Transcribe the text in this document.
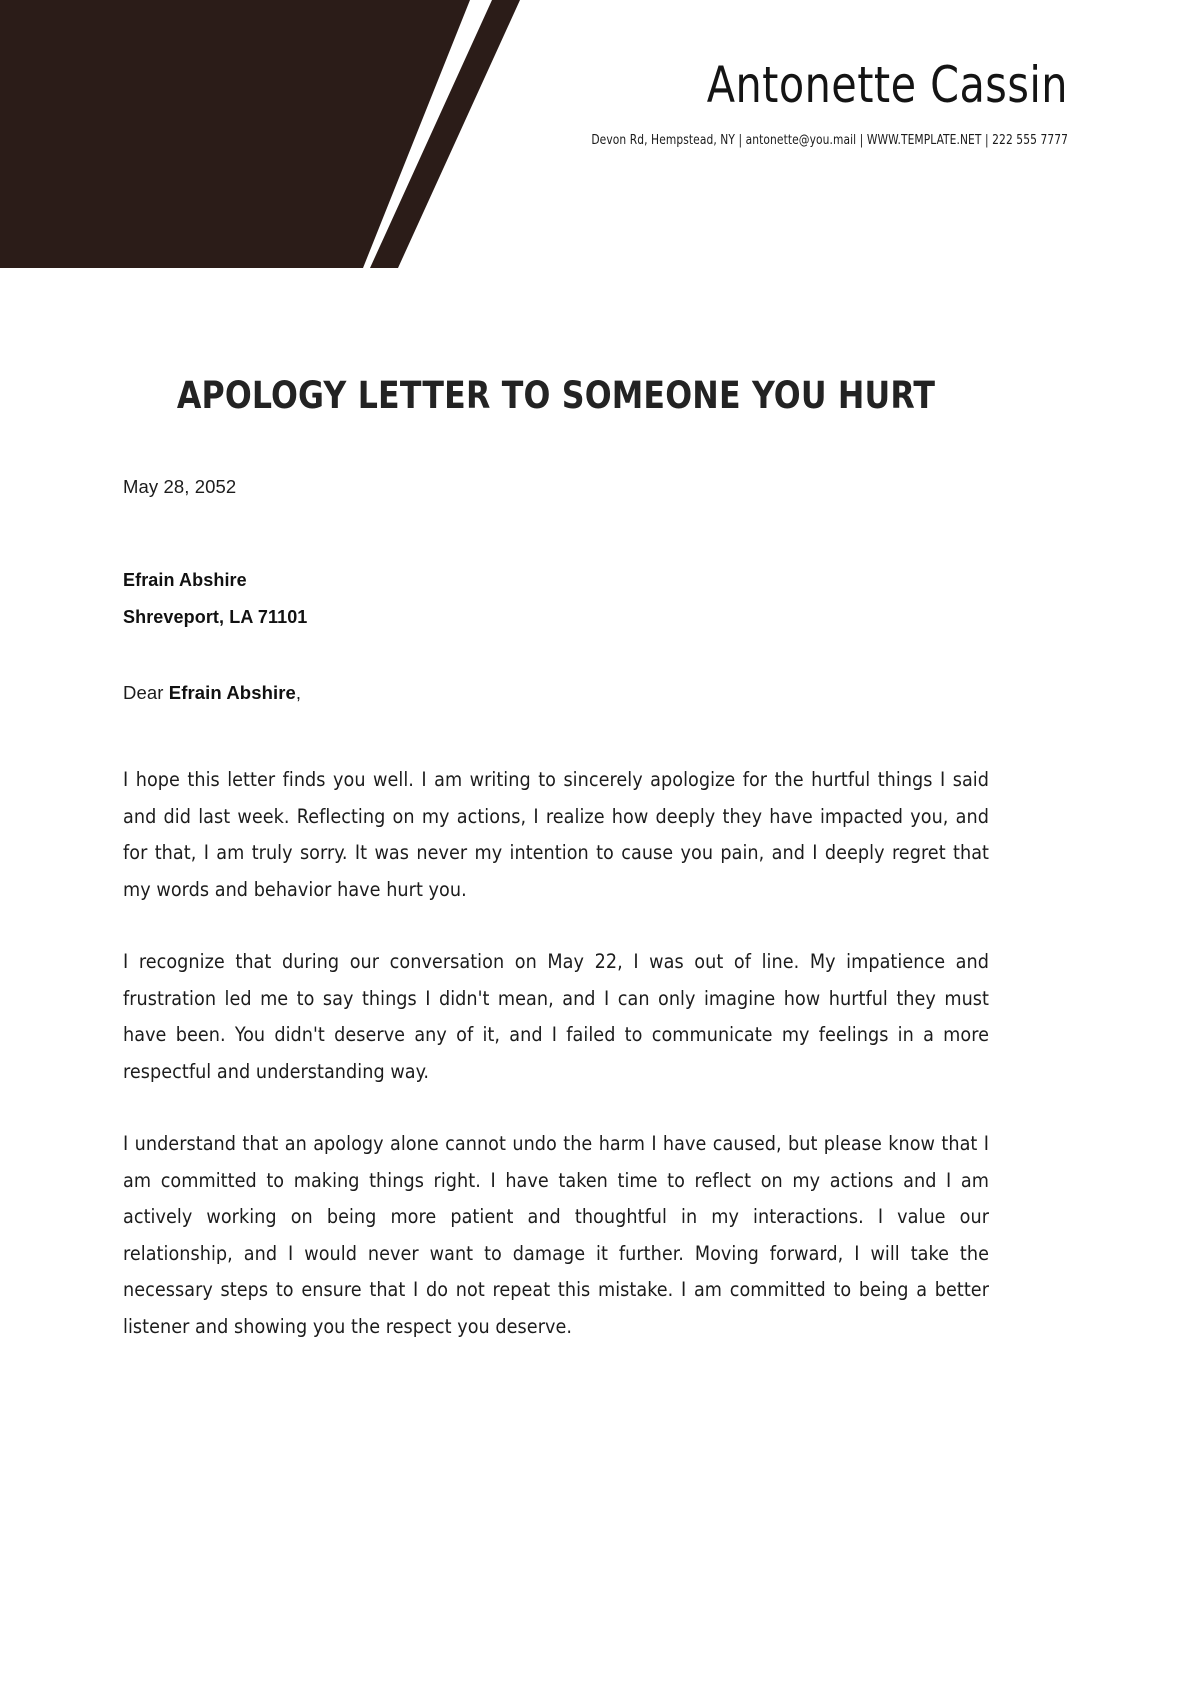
Antonette Cassin
Devon Rd, Hempstead, NY | antonette@you.mail | WWW.TEMPLATE.NET | 222 555 7777
APOLOGY LETTER TO SOMEONE YOU HURT
May 28, 2052
Efrain Abshire
Shreveport, LA 71101
Dear Efrain Abshire,

I hope this letter finds you well. I am writing to sincerely apologize for the hurtful things I said and did last week. Reflecting on my actions, I realize how deeply they have impacted you, and for that, I am truly sorry. It was never my intention to cause you pain, and I deeply regret that my words and behavior have hurt you.

I recognize that during our conversation on May 22, I was out of line. My impatience and frustration led me to say things I didn't mean, and I can only imagine how hurtful they must have been. You didn't deserve any of it, and I failed to communicate my feelings in a more respectful and understanding way.

I understand that an apology alone cannot undo the harm I have caused, but please know that I am committed to making things right. I have taken time to reflect on my actions and I am actively working on being more patient and thoughtful in my interactions. I value our relationship, and I would never want to damage it further. Moving forward, I will take the necessary steps to ensure that I do not repeat this mistake. I am committed to being a better listener and showing you the respect you deserve.
